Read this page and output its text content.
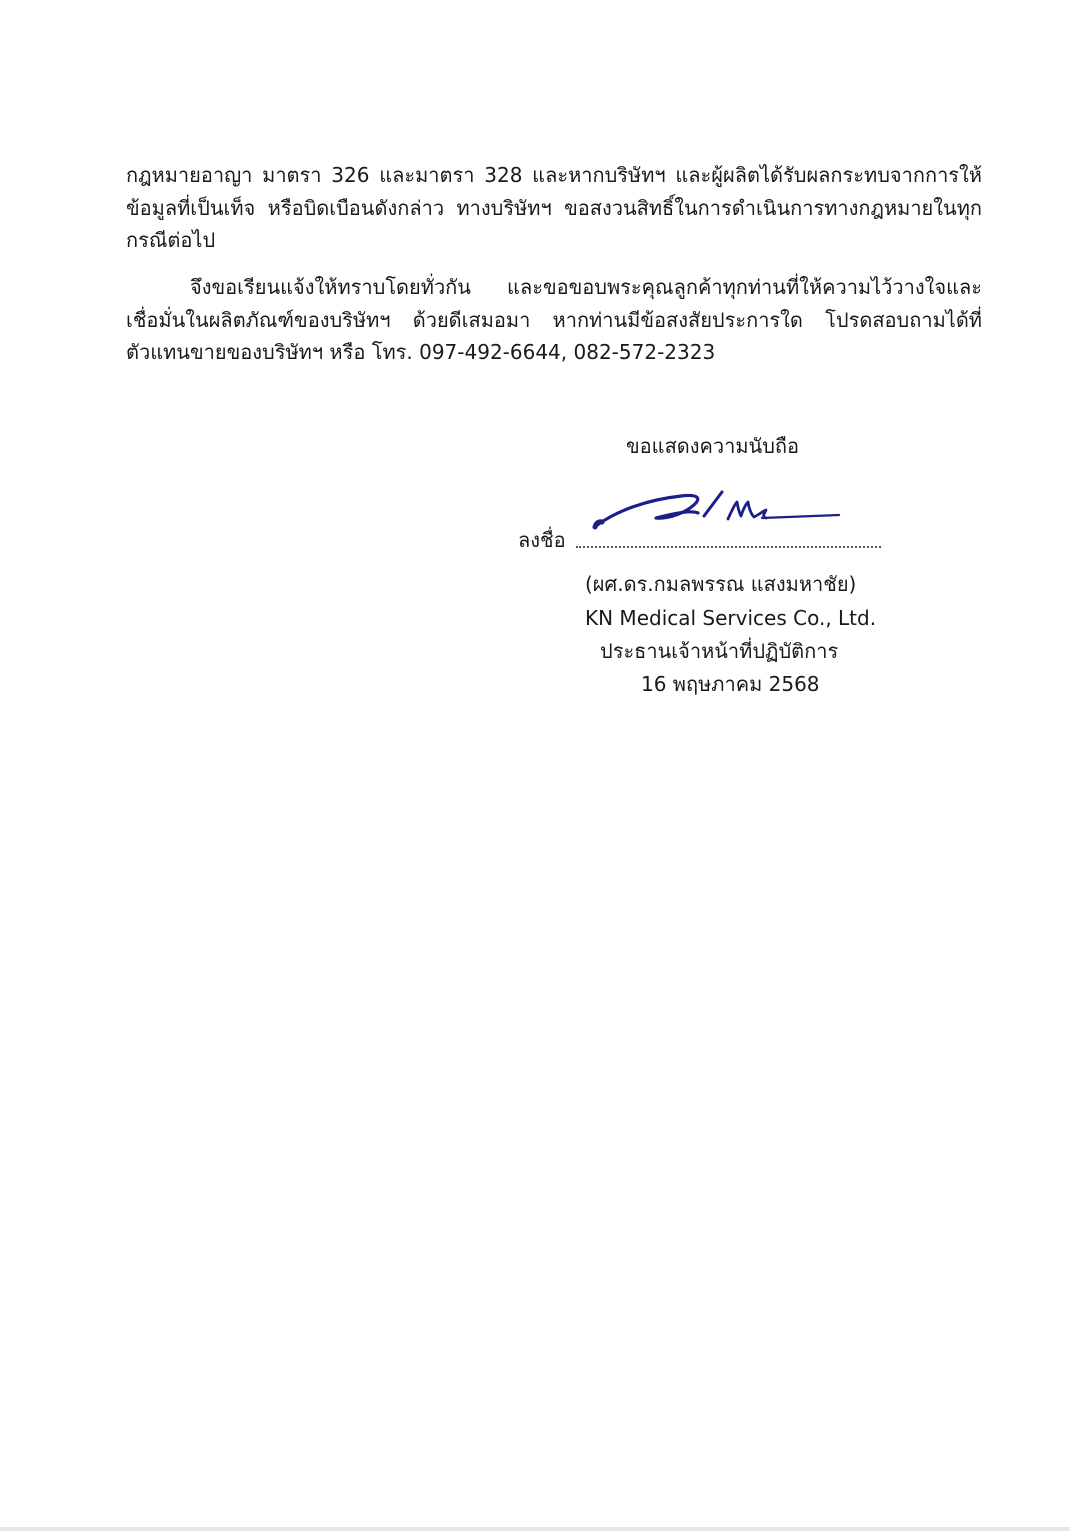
กฎหมายอาญา มาตรา 326 และมาตรา 328 และหากบริษัทฯ และผู้ผลิตได้รับผลกระทบจากการให้ข้อมูลที่เป็นเท็จ หรือบิดเบือนดังกล่าว ทางบริษัทฯ ขอสงวนสิทธิ์ในการดำเนินการทางกฎหมายในทุกกรณีต่อไป

จึงขอเรียนแจ้งให้ทราบโดยทั่วกัน และขอขอบพระคุณลูกค้าทุกท่านที่ให้ความไว้วางใจและเชื่อมั่นในผลิตภัณฑ์ของบริษัทฯ ด้วยดีเสมอมา หากท่านมีข้อสงสัยประการใด โปรดสอบถามได้ที่ตัวแทนขายของบริษัทฯ หรือ โทร. 097-492-6644, 082-572-2323

ขอแสดงความนับถือ

ลงชื่อ

(ผศ.ดร.กมลพรรณ แสงมหาชัย)

KN Medical Services Co., Ltd.

ประธานเจ้าหน้าที่ปฏิบัติการ

16 พฤษภาคม 2568
